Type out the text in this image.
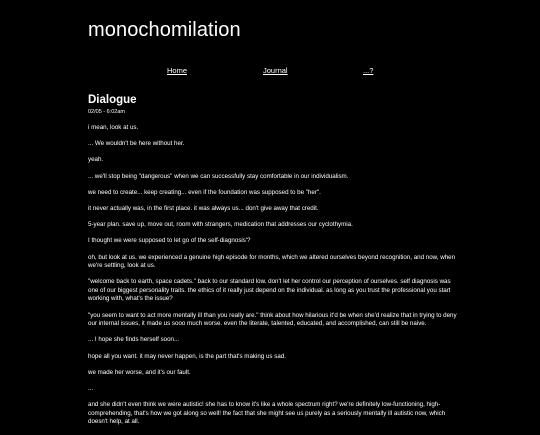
monochomilation
Home	Journal	...?
Dialogue
02/05 - 6:02am

i mean, look at us.

... We wouldn't be here without her.

yeah.

... we'll stop being "dangerous" when we can successfully stay comfortable in our individualism.

we need to create... keep creating... even if the foundation was supposed to be "her".

it never actually was, in the first place. it was always us... don't give away that credit.

5-year plan. save up, move out, room with strangers, medication that addresses our cyclothymia.

I thought we were supposed to let go of the self-diagnosis'?

oh, but look at us. we experienced a genuine high episode for months, which we altered ourselves beyond recognition, and now, when we're settling, look at us.

"welcome back to earth, space cadets." back to our standard low. don't let her control our perception of ourselves. self diagnosis was one of our biggest personality traits. the ethics of it really just depend on the individual. as long as you trust the professional you start working with, what's the issue?

"you seem to want to act more mentally ill than you really are." think about how hilarious it'd be when she'd realize that in trying to deny our internal issues, it made us sooo much worse. even the literate, talented, educated, and accomplished, can still be naive.

... I hope she finds herself soon...

hope all you want. it may never happen, is the part that's making us sad.

we made her worse, and it's our fault.

...

and she didn't even think we were autistic! she has to know it's like a whole spectrum right? we're definitely low-functioning, high-comprehending, that's how we got along so well! the fact that she might see us purely as a seriously mentally ill autistic now, which doesn't help, at all.
